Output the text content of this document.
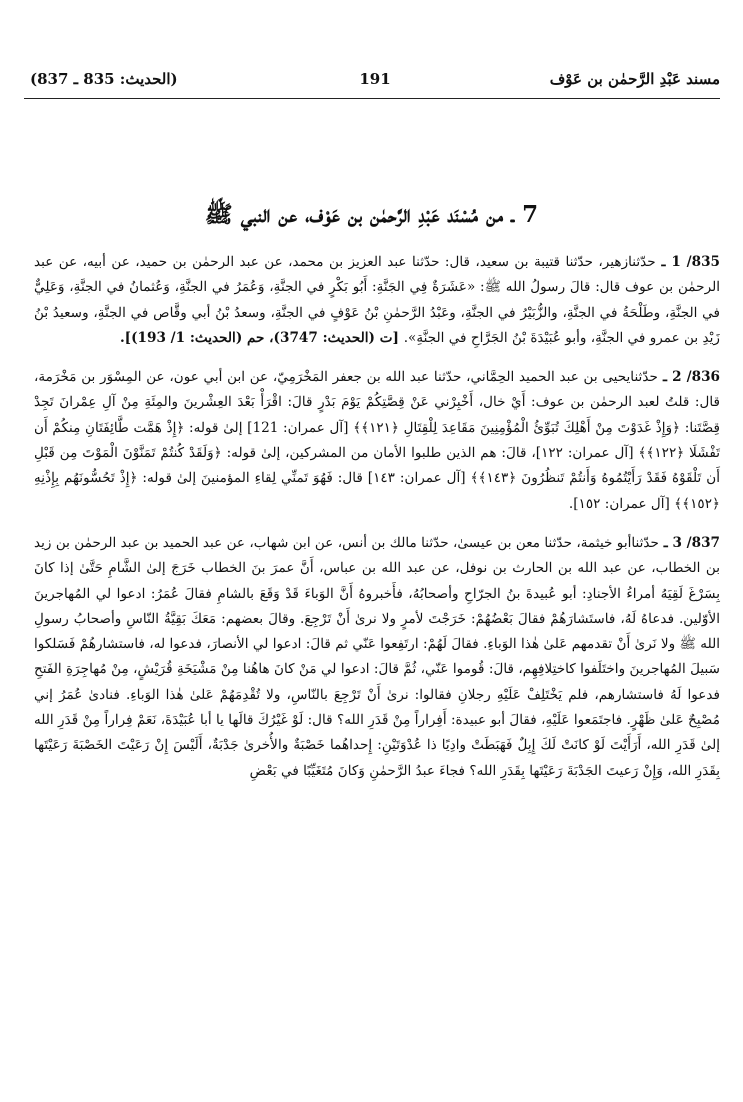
(الحديث: 835 ـ 837)	191	مسند عَبْدِ الرَّحمٰن بن عَوْف
7 ـ من مُسْنَد عَبْدِ الرَّحمٰن بن عَوْف، عن النبي ﷺ

835/ 1 ـ حدّثنازهير، حدّثنا قتيبة بن سعيد، قال: حدّثنا عبد العزيز بن محمد، عن عبد الرحمٰن بن حميد، عن أبيه، عن عبد الرحمٰن بن عوف قال: قالَ رسولُ الله ﷺ: «عَشَرَةٌ فِي الجَنَّةِ: أَبُو بَكْرٍ في الجنَّةِ، وَعُمَرُ في الجنَّةِ، وَعُثمانُ في الجنَّةِ، وَعَلِيٌّ في الجنَّةِ، وطَلْحَةُ في الجنَّةِ، والزُّبَيْرُ في الجنَّةِ، وعَبْدُ الرَّحمٰنِ بْنُ عَوْفٍ في الجنَّةِ، وسعدُ بْنُ أبي وقَّاص في الجنَّةِ، وسعيدُ بْنُ زَيْدِ بن عمرو في الجنَّةِ، وأبو عُبَيْدَةَ بْنُ الجَرَّاحِ في الجنَّةِ». [ت (الحديث: 3747)، حم (الحديث: 1/ 193)].

836/ 2 ـ حدّثنايحيى بن عبد الحميد الحِمَّاني، حدّثنا عبد الله بن جعفر المَخْرَمِيّ، عن ابن أبي عون، عن المِسْوَر بن مَخْرَمة، قال: قلتُ لعبد الرحمٰن بن عوف: أَيْ خال، أَخْبِرْني عَنْ قِصَّتِكُمْ يَوْمَ بَدْرٍ قالَ: اقْرَأْ بَعْدَ العِشْرينَ والمِئَةِ مِنْ آلِ عِمْرانَ تَجِدْ قِصَّتَنا: ﴿وَإِذْ غَدَوْتَ مِنْ أَهْلِكَ تُبَوِّئُ الْمُؤْمِنِينَ مَقَاعِدَ لِلْقِتَالِ ﴿١٢١﴾﴾ [آل عمران: 121] إلىٰ قوله: ﴿إِذْ هَمَّت طَّائِفَتَانِ مِنكُمْ أَن تَفْشَلَا ﴿١٢٢﴾﴾ [آل عمران: ١٢٢]، قالَ: هم الذين طلبوا الأمان من المشركين، إلىٰ قوله: ﴿وَلَقَدْ كُنتُمْ تَمَنَّوْنَ الْمَوْتَ مِن قَبْلِ أَن تَلْقَوْهُ فَقَدْ رَأَيْتُمُوهُ وَأَنتُمْ تَنظُرُونَ ﴿١٤٣﴾﴾ [آل عمران: ١٤٣] قال: فَهُوَ تَمنِّي لِقاءِ المؤمنينَ إلىٰ قوله: ﴿إِذْ تَحُسُّونَهُم بِإِذْنِهِ ﴿١٥٢﴾﴾ [آل عمران: ١٥٢].

837/ 3 ـ حدّثناأبو خيثمة، حدّثنا معن بن عيسىٰ، حدّثنا مالك بن أنس، عن ابن شهاب، عن عبد الحميد بن عبد الرحمٰن بن زيد بن الخطاب، عن عبد الله بن الحارث بن نوفل، عن عبد الله بن عباس، أَنَّ عمرَ بنَ الخطاب خَرَجَ إلىٰ الشَّامِ حَتَّىٰ إذا كانَ بِسَرْغَ لَقِيَهُ أمراءُ الأجنادِ: أبو عُبيدةَ بنُ الجرّاحِ وأصحابُهُ، فأَخبروهُ أَنَّ الوَباءَ قَدْ وَقَعَ بالشامِ فقالَ عُمَرُ: ادعوا لي المُهاجرينَ الأوّلين. فدعاهُ لَهُ، فاستَشارَهُمْ فقالَ بَعْضُهُمْ: خَرَجْتَ لأمرٍ ولا نرىٰ أَنْ تَرْجِعَ. وقالَ بعضهم: مَعَكَ بَقِيَّةُ النّاسِ وأصحابُ رسولِ الله ﷺ ولا نَرىٰ أَنْ تقدمهم عَلىٰ هٰذا الوَباءِ. فقالَ لَهُمْ: ارتَفِعوا عَنّي ثم قالَ: ادعوا لي الأنصارَ، فدعوا له، فاستشارهُمْ فَسَلكوا سَبيلَ المُهاجرينَ واختَلَفوا كاختِلافِهِم، قالَ: قُوموا عَنّي، ثُمَّ قالَ: ادعوا لي مَنْ كانَ هاهُنا مِنْ مَشْيَخَةِ قُرَيْشٍ، مِنْ مُهاجِرَةِ الفَتحِ فدعوا لَهُ فاستشارهم، فلم يَخْتَلِفْ عَلَيْهِ رجلانِ فقالوا: نرىٰ أَنْ تَرْجِعَ بالنّاسِ، ولا تُقْدِمَهُمْ عَلىٰ هٰذا الوَباءِ. فنادىٰ عُمَرُ إني مُصْبِحٌ عَلىٰ ظَهْرٍ. فاجتَمَعوا عَلَيْهِ، فقالَ أبو عبيدة: أَفِراراً مِنْ قَدَرِ الله؟ قال: لَوْ غَيْرُكَ قالَها يا أبا عُبَيْدَةَ، نَعَمْ فِراراً مِنْ قَدَرِ الله إلىٰ قَدَرِ الله، أَرَأَيْتَ لَوْ كانَتْ لَكَ إِبِلٌ فَهَبَطَتْ وادِيًا ذا عُدْوَتَيْنِ: إِحداهُما خَصْبَةٌ والأُخرىٰ جَدْبَةٌ، أَلَيْسَ إِنْ رَعَيْتَ الخَصْبَةَ رَعَيْتَها بِقَدَرِ الله، وَإِنْ رَعيتَ الجَدْبَةَ رَعَيْتَها بِقَدَرِ الله؟ فجاءَ عبدُ الرَّحمٰنِ وَكانَ مُتَغَيِّبًا في بَعْضِ
